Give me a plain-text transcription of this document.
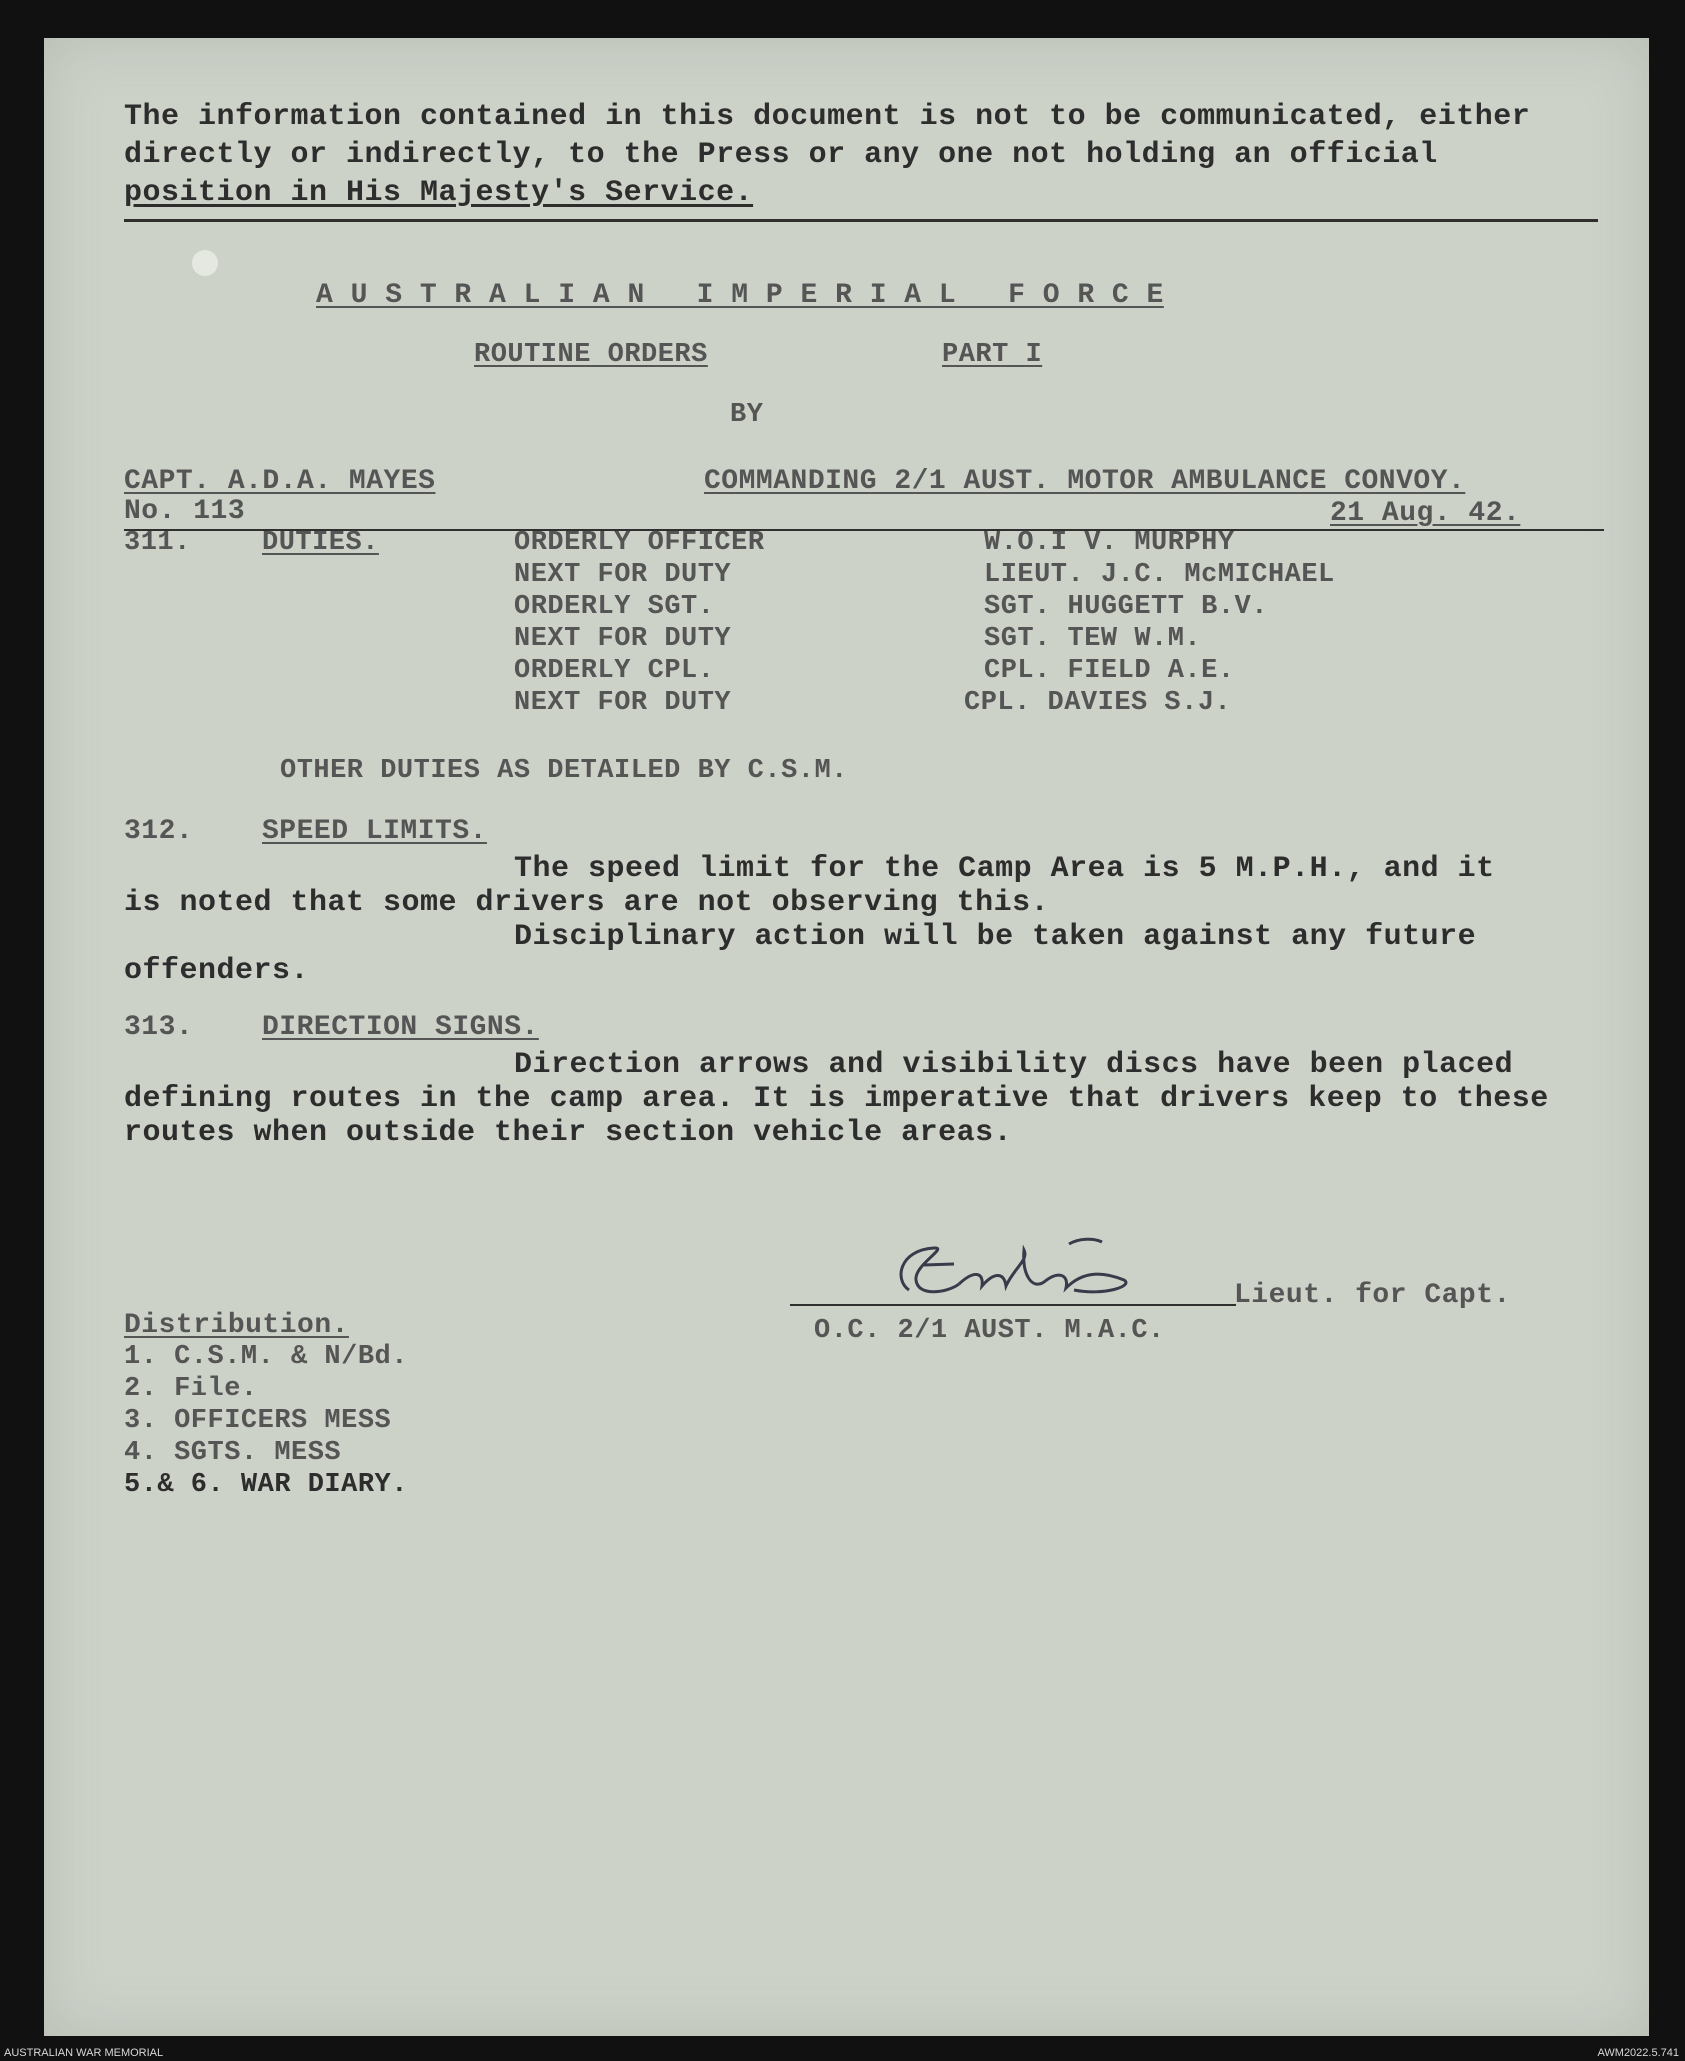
The information contained in this document is not to be communicated, either
directly or indirectly, to the Press or any one not holding an official
position in His Majesty's Service.
A U S T R A L I A N   I M P E R I A L   F O R C E
ROUTINE ORDERS	PART I
BY
CAPT. A.D.A. MAYES	COMMANDING 2/1 AUST. MOTOR AMBULANCE CONVOY.
No. 113	21 Aug. 42.
311.	DUTIES.	ORDERLY OFFICER	W.O.I V. MURPHY
NEXT FOR DUTY	LIEUT. J.C. McMICHAEL
ORDERLY SGT.	SGT. HUGGETT B.V.
NEXT FOR DUTY	SGT. TEW W.M.
ORDERLY CPL.	CPL. FIELD A.E.
NEXT FOR DUTY	CPL. DAVIES S.J.
OTHER DUTIES AS DETAILED BY C.S.M.
312. SPEED LIMITS.
The speed limit for the Camp Area is 5 M.P.H., and it
is noted that some drivers are not observing this.
Disciplinary action will be taken against any future
offenders.
313. DIRECTION SIGNS.
Direction arrows and visibility discs have been placed
defining routes in the camp area. It is imperative that drivers keep to these
routes when outside their section vehicle areas.
Lieut. for Capt.
O.C. 2/1 AUST. M.A.C.
Distribution.
1. C.S.M. & N/Bd.
2. File.
3. OFFICERS MESS
4. SGTS. MESS
5.& 6. WAR DIARY.
AUSTRALIAN WAR MEMORIAL	AWM2022.5.741
